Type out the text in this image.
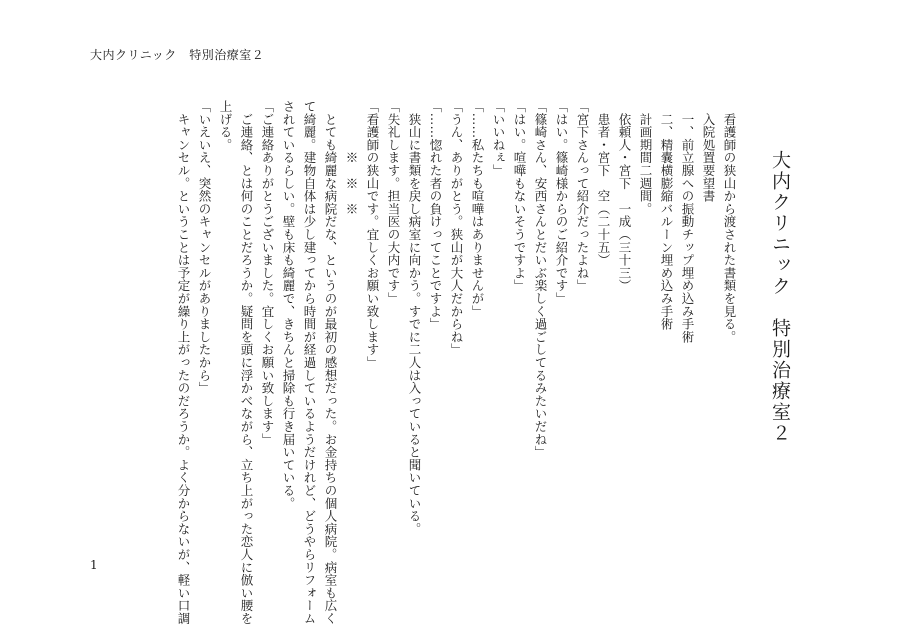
大内クリニック　特別治療室２
大内クリニック　特別治療室２
　看護師の狭山から渡された書類を見る。
　入院処置要望書
　一、前立腺への振動チップ埋め込み手術
　二、精嚢横膨縮バルーン埋め込み手術
　計画期間二週間。
　依頼人・宮下　一成（三十三）
　患者・宮下　空（二十五）
「宮下さんって紹介だったよね」
「はい。篠崎様からのご紹介です」
「篠崎さん、安西さんとだいぶ楽しく過ごしてるみたいだね」
「はい。喧嘩もないそうですよ」
「いいねぇ」
「……私たちも喧嘩はありませんが」
「うん、ありがとう。狭山が大人だからね」
「……惚れた者の負けってことですよ」
　狭山に書類を戻し病室に向かう。すでに二人は入っていると聞いている。
「失礼します。担当医の大内です」
「看護師の狭山です。宜しくお願い致します」
　　　　※　※　※
　とても綺麗な病院だな、というのが最初の感想だった。お金持ちの個人病院。病室も広く
て綺麗。建物自体は少し建ってから時間が経過しているようだけれど、どうやらリフォーム
されているらしい。壁も床も綺麗で、きちんと掃除も行き届いている。
「ご連絡ありがとうございました。宜しくお願い致します」
　ご連絡、とは何のことだろうか。疑問を頭に浮かべながら、立ち上がった恋人に倣い腰を
上げる。
「いえいえ、突然のキャンセルがありましたから」
　キャンセル。ということは予定が繰り上がったのだろうか。よく分からないが、軽い口調
1
